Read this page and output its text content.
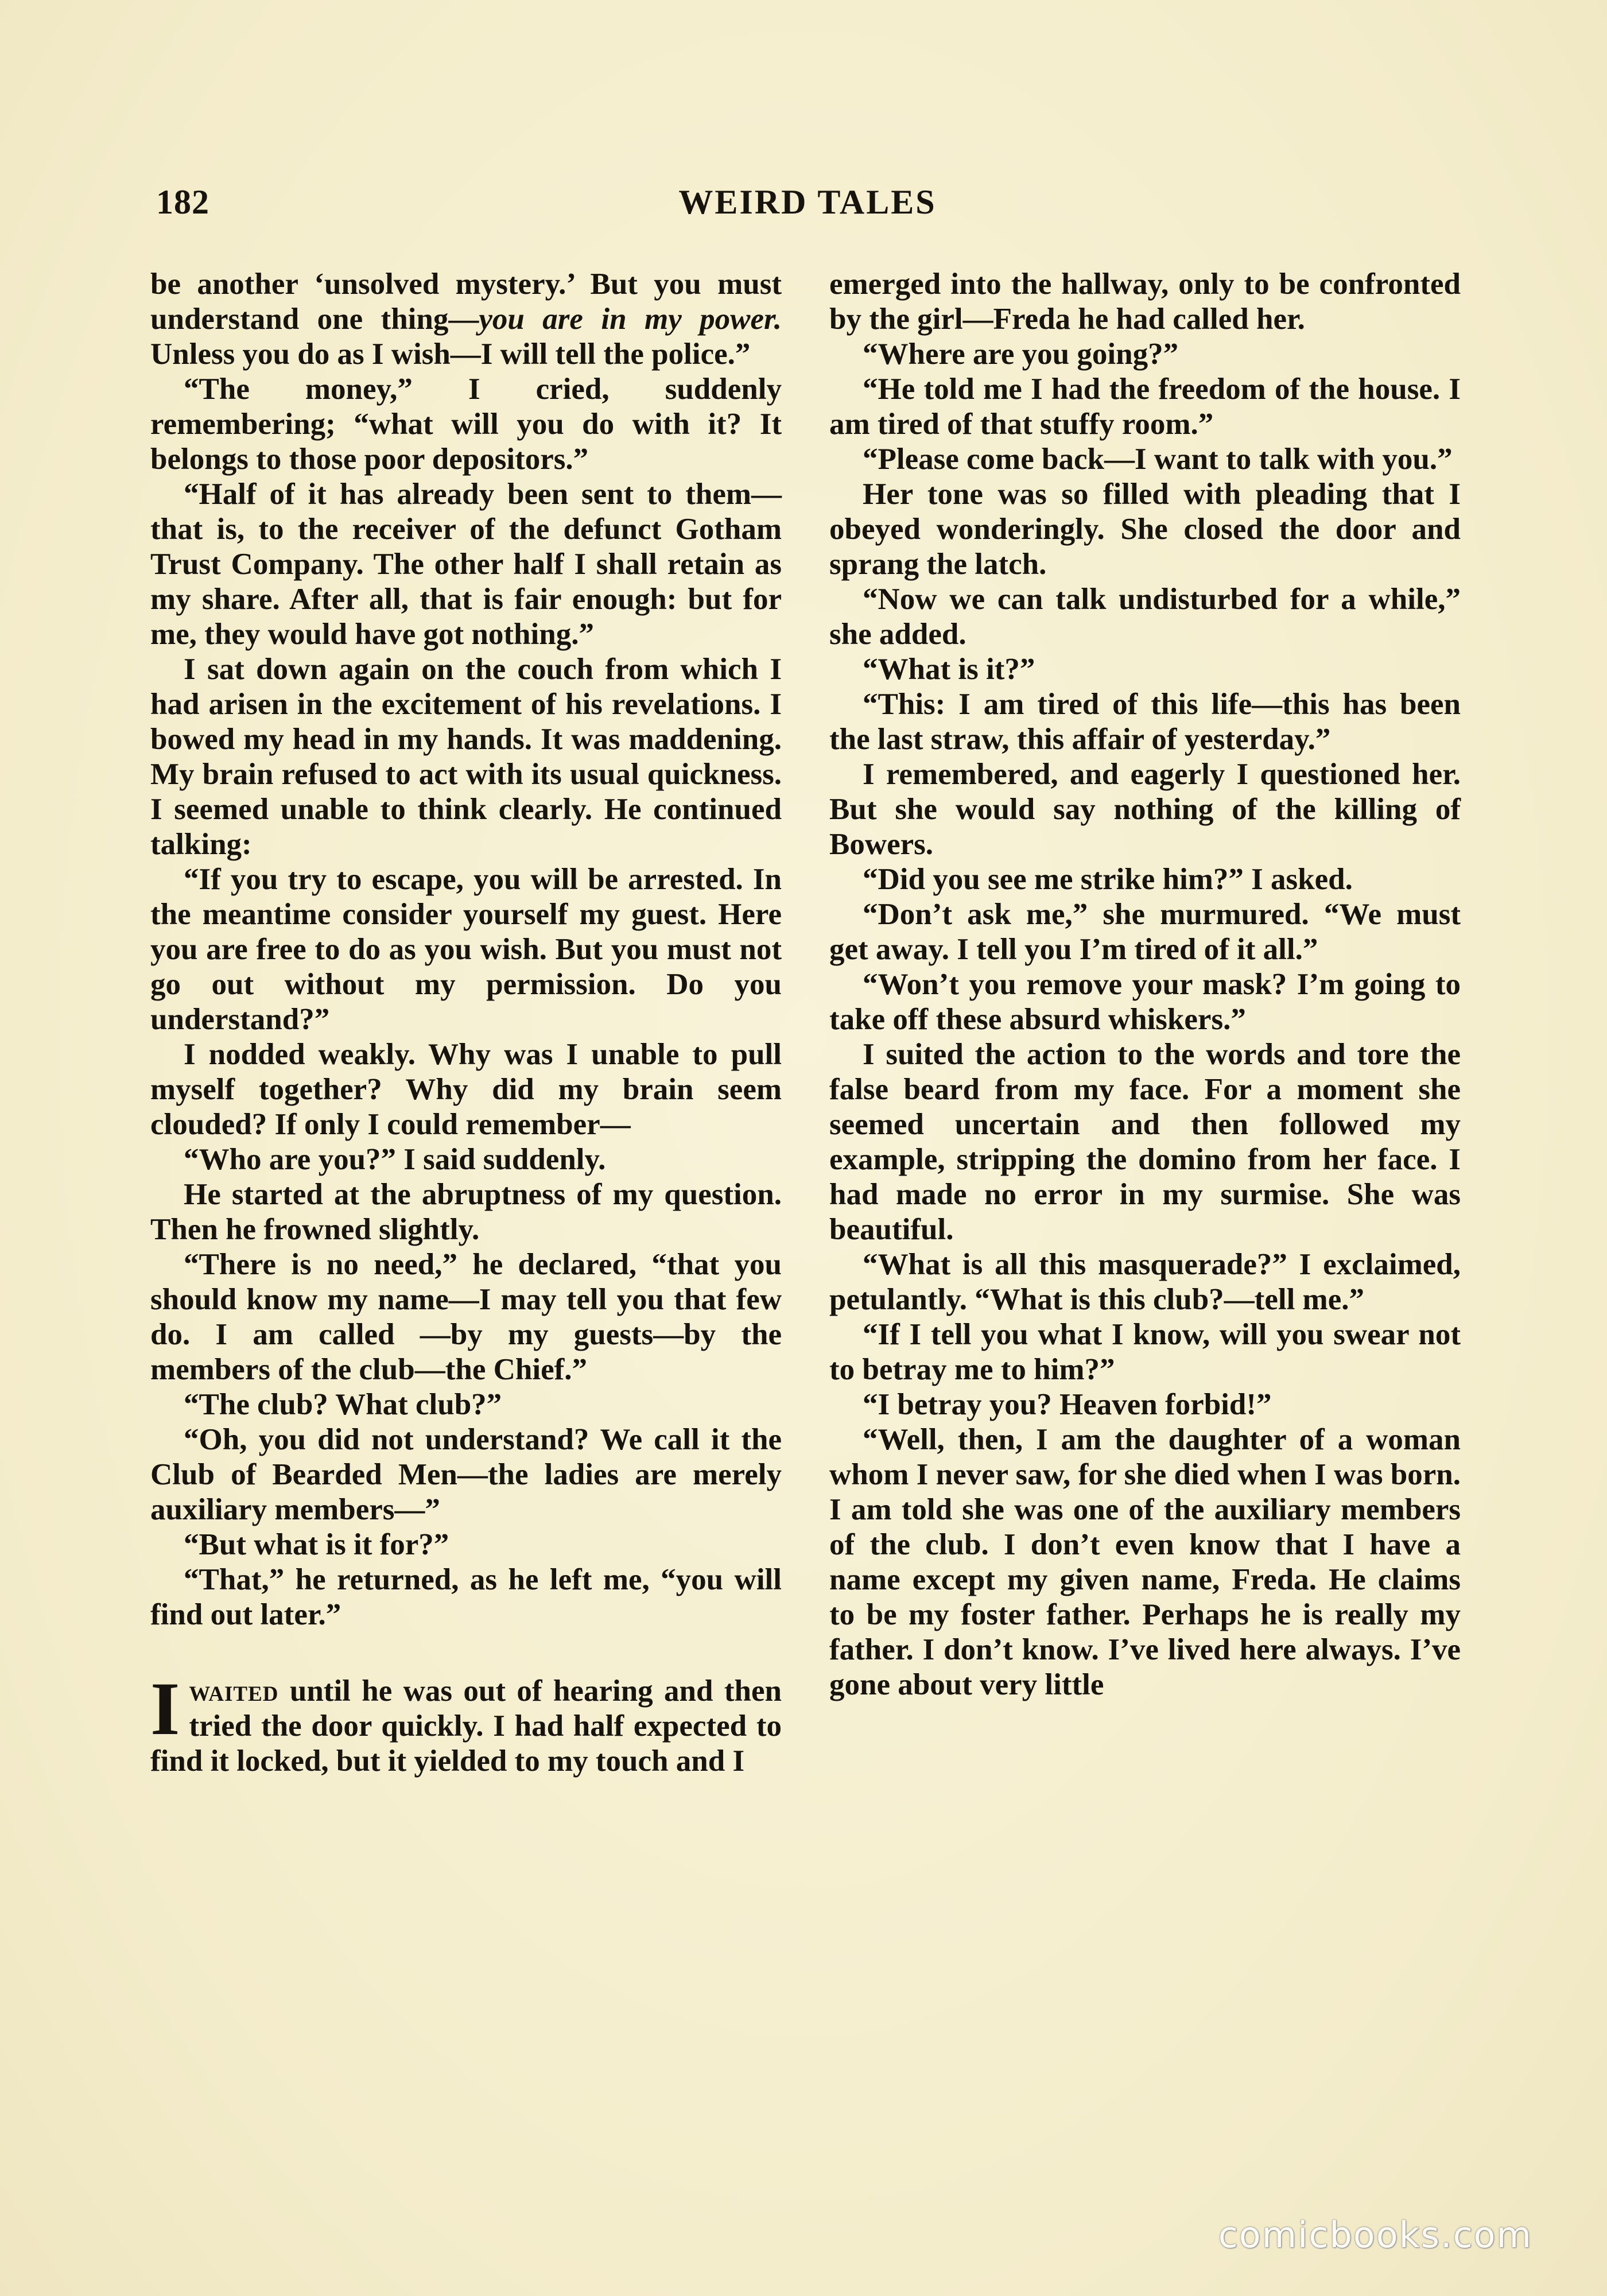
182	WEIRD TALES

be another ‘unsolved mystery.’ But you must understand one thing—you are in my power. Unless you do as I wish—I will tell the police.”

“The money,” I cried, suddenly remembering; “what will you do with it? It belongs to those poor depositors.”

“Half of it has already been sent to them—that is, to the receiver of the defunct Gotham Trust Company. The other half I shall retain as my share. After all, that is fair enough: but for me, they would have got nothing.”

I sat down again on the couch from which I had arisen in the excitement of his revelations. I bowed my head in my hands. It was maddening. My brain refused to act with its usual quickness. I seemed unable to think clearly. He continued talking:

“If you try to escape, you will be arrested. In the meantime consider yourself my guest. Here you are free to do as you wish. But you must not go out without my permission. Do you understand?”

I nodded weakly. Why was I unable to pull myself together? Why did my brain seem clouded? If only I could remember—

“Who are you?” I said suddenly.

He started at the abruptness of my question. Then he frowned slightly.

“There is no need,” he declared, “that you should know my name—I may tell you that few do. I am called —by my guests—by the members of the club—the Chief.”

“The club? What club?”

“Oh, you did not understand? We call it the Club of Bearded Men—the ladies are merely auxiliary members—”

“But what is it for?”

“That,” he returned, as he left me, “you will find out later.”

Iwaited until he was out of hearing and then tried the door quickly. I had half expected to find it locked, but it yielded to my touch and I

emerged into the hallway, only to be confronted by the girl—Freda he had called her.

“Where are you going?”

“He told me I had the freedom of the house. I am tired of that stuffy room.”

“Please come back—I want to talk with you.”

Her tone was so filled with pleading that I obeyed wonderingly. She closed the door and sprang the latch.

“Now we can talk undisturbed for a while,” she added.

“What is it?”

“This: I am tired of this life—this has been the last straw, this affair of yesterday.”

I remembered, and eagerly I questioned her. But she would say nothing of the killing of Bowers.

“Did you see me strike him?” I asked.

“Don’t ask me,” she murmured. “We must get away. I tell you I’m tired of it all.”

“Won’t you remove your mask? I’m going to take off these absurd whiskers.”

I suited the action to the words and tore the false beard from my face. For a moment she seemed uncertain and then followed my example, stripping the domino from her face. I had made no error in my surmise. She was beautiful.

“What is all this masquerade?” I exclaimed, petulantly. “What is this club?—tell me.”

“If I tell you what I know, will you swear not to betray me to him?”

“I betray you? Heaven forbid!”

“Well, then, I am the daughter of a woman whom I never saw, for she died when I was born. I am told she was one of the auxiliary members of the club. I don’t even know that I have a name except my given name, Freda. He claims to be my foster father. Perhaps he is really my father. I don’t know. I’ve lived here always. I’ve gone about very little

comicbooks.com
